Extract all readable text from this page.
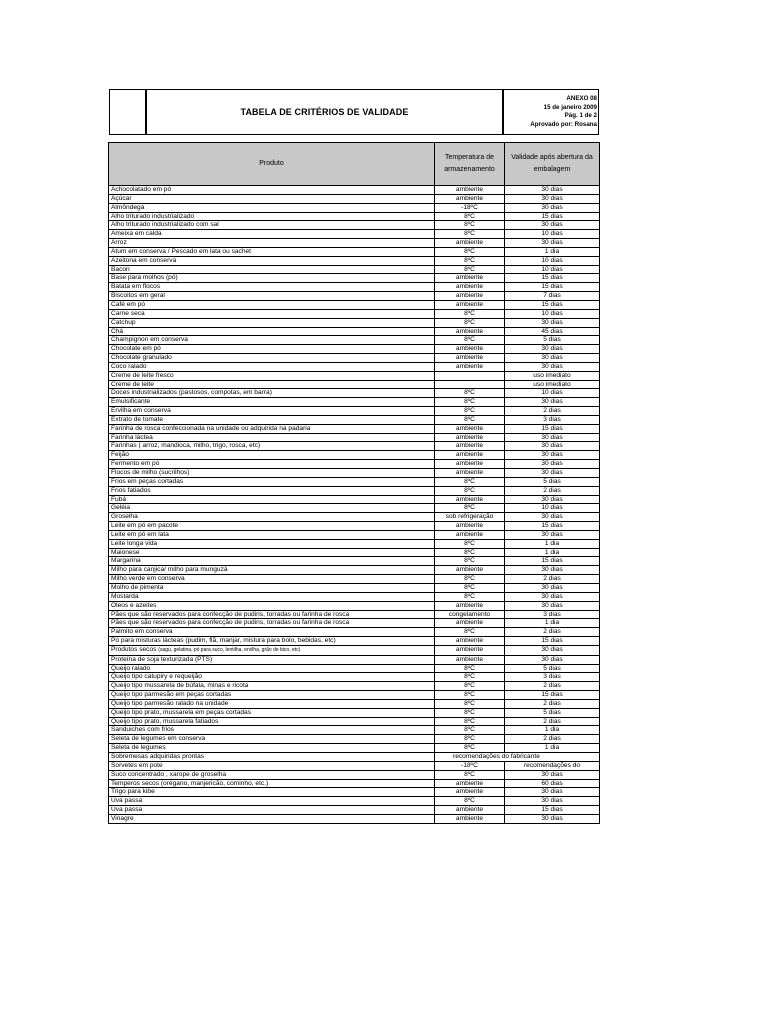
TABELA DE CRITÉRIOS DE VALIDADE
ANEXO 08
15 de janeiro 2009
Pág. 1 de 2
Aprovado por: Rosana
Produto	Temperatura de armazenamento	Validade após abertura da embalagem
Achocolatado em pó	ambiente	30 dias
Açúcar	ambiente	30 dias
Almôndega	-18ºC	30 dias
Alho triturado industrializado	8ºC	15 dias
Alho triturado industrializado com sal	8ºC	30 dias
Ameixa em calda	8ºC	10 dias
Arroz	ambiente	30 dias
Atum em conserva / Pescado em lata ou sachet	8ºC	1 dia
Azeitona em conserva	8ºC	10 dias
Bacon	8ºC	10 dias
Base para molhos (pó)	ambiente	15 dias
Batata em flocos	ambiente	15 dias
Biscoitos em geral	ambiente	7 dias
Café em pó	ambiente	15 dias
Carne seca	8ºC	10 dias
Catchup	8ºC	30 dias
Chá	ambiente	45 dias
Champignon em conserva	8ºC	5 dias
Chocolate em pó	ambiente	30 dias
Chocolate granulado	ambiente	30 dias
Coco ralado	ambiente	30 dias
Creme de leite fresco		uso imediato
Creme de leite		uso imediato
Doces industrializados (pastosos, compotas, em barra)	8ºC	10 dias
Emulsificante	8ºC	30 dias
Ervilha em conserva	8ºC	2 dias
Extrato de tomate	8ºC	3 dias
Farinha de rosca confeccionada na unidade ou adquirida na padaria	ambiente	15 dias
Farinha láctea	ambiente	30 dias
Farinhas ( arroz, mandioca, milho, trigo, rosca, etc)	ambiente	30 dias
Feijão	ambiente	30 dias
Fermento em pó	ambiente	30 dias
Flocos de milho (sucrilhos)	ambiente	30 dias
Frios em peças cortadas	8ºC	5 dias
Frios fatiados	8ºC	2 dias
Fubá	ambiente	30 dias
Geléia	8ºC	10 dias
Groselha	sob refrigeração	30 dias
Leite em pó em pacote	ambiente	15 dias
Leite em pó em lata	ambiente	30 dias
Leite longa vida	8ºC	1 dia
Maionese	8ºC	1 dia
Margarina	8ºC	15 dias
Milho para canjica/ milho para munguzá	ambiente	30 dias
Milho verde em conserva	8ºC	2 dias
Molho de pimenta	8ºC	30 dias
Mostarda	8ºC	30 dias
Óleos e azeites	ambiente	30 dias
Pães que são reservados para confecção de pudins, torradas ou farinha de rosca	congelamento	3 dias
Pães que são reservados para confecção de pudins, torradas ou farinha de rosca	ambiente	1 dia
Palmito em conserva	8ºC	2 dias
Pó para misturas lácteas (pudim, flã, manjar, mistura para bolo, bebidas, etc)	ambiente	15 dias
Produtos secos (sagu, gelatina, pó para suco, lentilha, ervilha, grão de bico, etc)	ambiente	30 dias
Proteína de soja texturizada (PTS)	ambiente	30 dias
Queijo ralado	8ºC	5 dias
Queijo tipo catupiry e requeijão	8ºC	3 dias
Queijo tipo mussarela de búfala, minas e ricota	8ºC	2 dias
Queijo tipo parmesão em peças cortadas	8ºC	15 dias
Queijo tipo parmesão ralado na unidade	8ºC	2 dias
Queijo tipo prato, mussarela em peças cortadas	8ºC	5 dias
Queijo tipo prato, mussarela fatiados	8ºC	2 dias
Sanduiches com frios	8ºC	1 dia
Seleta de legumes em conserva	8ºC	2 dias
Seleta de legumes	8ºC	1 dia
Sobremesas adquiridas prontas	recomendações do fabricante	
Sorvetes em pote	-18ºC	recomendações do
Suco concentrado , xarope de groselha	8ºC	30 dias
Temperos secos (orégano, manjericão, cominho, etc.)	ambiente	60 dias
Trigo para kibe	ambiente	30 dias
Uva passa	8ºC	30 dias
Uva passa	ambiente	15 dias
Vinagre	ambiente	30 dias
